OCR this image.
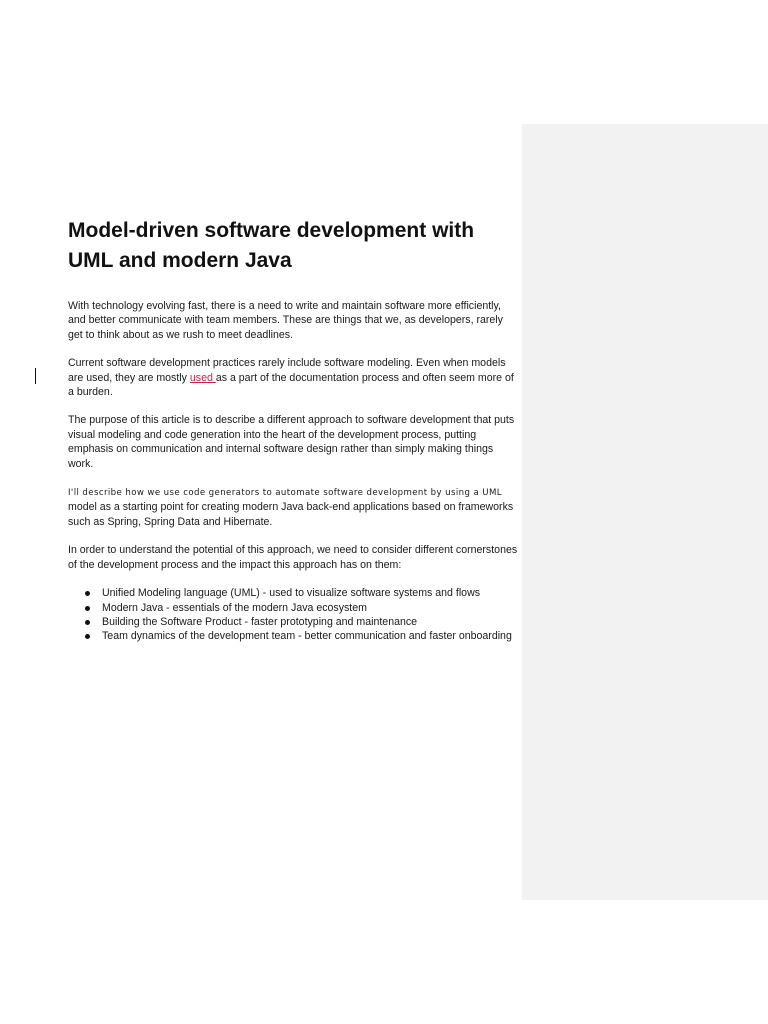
Model-driven software development with UML and modern Java

With technology evolving fast, there is a need to write and maintain software more efficiently, and better communicate with team members. These are things that we, as developers, rarely get to think about as we rush to meet deadlines.

Current software development practices rarely include software modeling. Even when models are used, they are mostly used as a part of the documentation process and often seem more of a burden.

The purpose of this article is to describe a different approach to software development that puts visual modeling and code generation into the heart of the development process, putting emphasis on communication and internal software design rather than simply making things work.

I'll describe how we use code generators to automate software development by using a UML model as a starting point for creating modern Java back-end applications based on frameworks such as Spring, Spring Data and Hibernate.

In order to understand the potential of this approach, we need to consider different cornerstones of the development process and the impact this approach has on them:

Unified Modeling language (UML) - used to visualize software systems and flows
Modern Java - essentials of the modern Java ecosystem
Building the Software Product - faster prototyping and maintenance
Team dynamics of the development team - better communication and faster onboarding
